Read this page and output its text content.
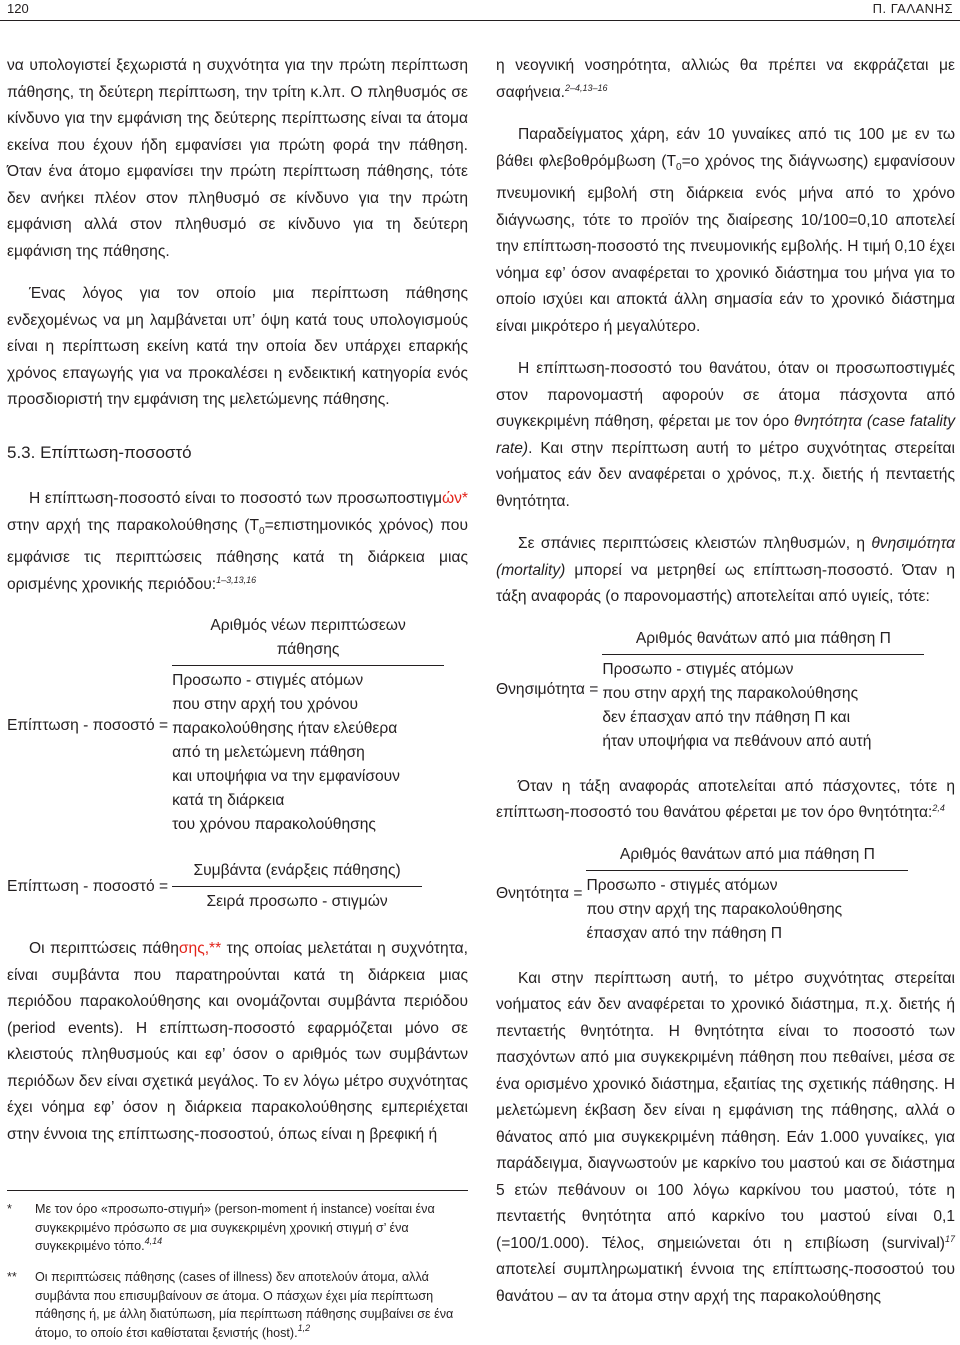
120	Π. ΓΑΛΑΝΗΣ

να υπολογιστεί ξεχωριστά η συχνότητα για την πρώτη περίπτωση πάθησης, τη δεύτερη περίπτωση, την τρίτη κ.λπ. Ο πληθυσμός σε κίνδυνο για την εμφάνιση της δεύτερης περίπτωσης είναι τα άτομα εκείνα που έχουν ήδη εμφανίσει για πρώτη φορά την πάθηση. Όταν ένα άτομο εμφανίσει την πρώτη περίπτωση πάθησης, τότε δεν ανήκει πλέον στον πληθυσμό σε κίνδυνο για την πρώτη εμφάνιση αλλά στον πληθυσμό σε κίνδυνο για τη δεύτερη εμφάνιση της πάθησης.

Ένας λόγος για τον οποίο μια περίπτωση πάθησης ενδεχομένως να μη λαμβάνεται υπ’ όψη κατά τους υπολογισμούς είναι η περίπτωση εκείνη κατά την οποία δεν υπάρχει επαρκής χρόνος επαγωγής για να προκαλέσει η ενδεικτική κατηγορία ενός προσδιοριστή την εμφάνιση της μελετώμενης πάθησης.

5.3. Επίπτωση-ποσοστό

Η επίπτωση-ποσοστό είναι το ποσοστό των προσωποστιγμών* στην αρχή της παρακολούθησης ($T_0=\varepsilon\pi\iota\sigma\tau\eta\mu o\nu\iota\kappa ό\varsigma$ χρόνος) που εμφάνισε τις περιπτώσεις πάθησης κατά τη διάρκεια μιας ορισμένης χρονικής περιόδου:$^{1-3,13,16}$

Επίπτωση - ποσοστό =
Αριθμός νέων περιπτώσεων
πάθησης
Προσωπο - στιγμές ατόμων
που στην αρχή του χρόνου
παρακολούθησης ήταν ελεύθερα
από τη μελετώμενη πάθηση
και υποψήφια να την εμφανίσουν
κατά τη διάρκεια
του χρόνου παρακολούθησης
$E\pi ί\pi\tau\omega\sigma\eta - \pi o\sigma o\sigma\tau ό = \frac{\text{Συμβάντα (ενάρξεις πάθησης)}}{\text{Σειρά προσωπο - στιγμών}}$

Οι περιπτώσεις πάθησης,** της οποίας μελετάται η συχνότητα, είναι συμβάντα που παρατηρούνται κατά τη διάρκεια μιας περιόδου παρακολούθησης και ονομάζονται συμβάντα περιόδου (period events). Η επίπτωση-ποσοστό εφαρμόζεται μόνο σε κλειστούς πληθυσμούς και εφ’ όσον ο αριθμός των συμβάντων περιόδων δεν είναι σχετικά μεγάλος. Το εν λόγω μέτρο συχνότητας έχει νόημα εφ’ όσον η διάρκεια παρακολούθησης εμπεριέχεται στην έννοια της επίπτωσης-ποσοστού, όπως είναι η βρεφική ή

* Με τον όρο «προσωπο-στιγμή» (person-moment ή instance) νοείται ένα συγκεκριμένο πρόσωπο σε μια συγκεκριμένη χρονική στιγμή σ’ ένα συγκεκριμένο τόπο.$^{4,14}$
** Οι περιπτώσεις πάθησης (cases of illness) δεν αποτελούν άτομα, αλλά συμβάντα που επισυμβαίνουν σε άτομα. Ο πάσχων έχει μία περίπτωση πάθησης ή, με άλλη διατύπωση, μία περίπτωση πάθησης συμβαίνει σε ένα άτομο, το οποίο έτσι καθίσταται ξενιστής (host).$^{1,2}$

η νεογνική νοσηρότητα, αλλιώς θα πρέπει να εκφράζεται με σαφήνεια.$^{2-4,13-16}$

Παραδείγματος χάρη, εάν 10 γυναίκες από τις 100 με εν τω βάθει φλεβοθρόμβωση ($T_0=o$ χρόνος της διάγνωσης) εμφανίσουν πνευμονική εμβολή στη διάρκεια ενός μήνα από το χρόνο διάγνωσης, τότε το προϊόν της διαίρεσης 10/100=0,10 αποτελεί την επίπτωση-ποσοστό της πνευμονικής εμβολής. Η τιμή 0,10 έχει νόημα εφ’ όσον αναφέρεται το χρονικό διάστημα του μήνα για το οποίο ισχύει και αποκτά άλλη σημασία εάν το χρονικό διάστημα είναι μικρότερο ή μεγαλύτερο.

Η επίπτωση-ποσοστό του θανάτου, όταν οι προσωποστιγμές στον παρονομαστή αφορούν σε άτομα πάσχοντα από συγκεκριμένη πάθηση, φέρεται με τον όρο θνητότητα (case fatality rate). Και στην περίπτωση αυτή το μέτρο συχνότητας στερείται νοήματος εάν δεν αναφέρεται ο χρόνος, π.χ. διετής ή πενταετής θνητότητα.

Σε σπάνιες περιπτώσεις κλειστών πληθυσμών, η θνησιμότητα (mortality) μπορεί να μετρηθεί ως επίπτωση-ποσοστό. Όταν η τάξη αναφοράς (ο παρονομαστής) αποτελείται από υγιείς, τότε:

Θνησιμότητα =
Αριθμός θανάτων από μια πάθηση Π
Προσωπο - στιγμές ατόμων
που στην αρχή της παρακολούθησης
δεν έπασχαν από την πάθηση Π και
ήταν υποψήφια να πεθάνουν από αυτή

Όταν η τάξη αναφοράς αποτελείται από πάσχοντες, τότε η επίπτωση-ποσοστό του θανάτου φέρεται με τον όρο θνητότητα:$^{2,4}$

Θνητότητα =
Αριθμός θανάτων από μια πάθηση Π
Προσωπο - στιγμές ατόμων
που στην αρχή της παρακολούθησης
έπασχαν από την πάθηση Π

Και στην περίπτωση αυτή, το μέτρο συχνότητας στερείται νοήματος εάν δεν αναφέρεται το χρονικό διάστημα, π.χ. διετής ή πενταετής θνητότητα. Η θνητότητα είναι το ποσοστό των πασχόντων από μια συγκεκριμένη πάθηση που πεθαίνει, μέσα σε ένα ορισμένο χρονικό διάστημα, εξαιτίας της σχετικής πάθησης. Η μελετώμενη έκβαση δεν είναι η εμφάνιση της πάθησης, αλλά ο θάνατος από μια συγκεκριμένη πάθηση. Εάν 1.000 γυναίκες, για παράδειγμα, διαγνωστούν με καρκίνο του μαστού και σε διάστημα 5 ετών πεθάνουν οι 100 λόγω καρκίνου του μαστού, τότε η πενταετής θνητότητα από καρκίνο του μαστού είναι 0,1 (=100/1.000). Τέλος, σημειώνεται ότι η επιβίωση (survival)$^{17}$ αποτελεί συμπληρωματική έννοια της επίπτωσης-ποσοστού του θανάτου – αν τα άτομα στην αρχή της παρακολούθησης
